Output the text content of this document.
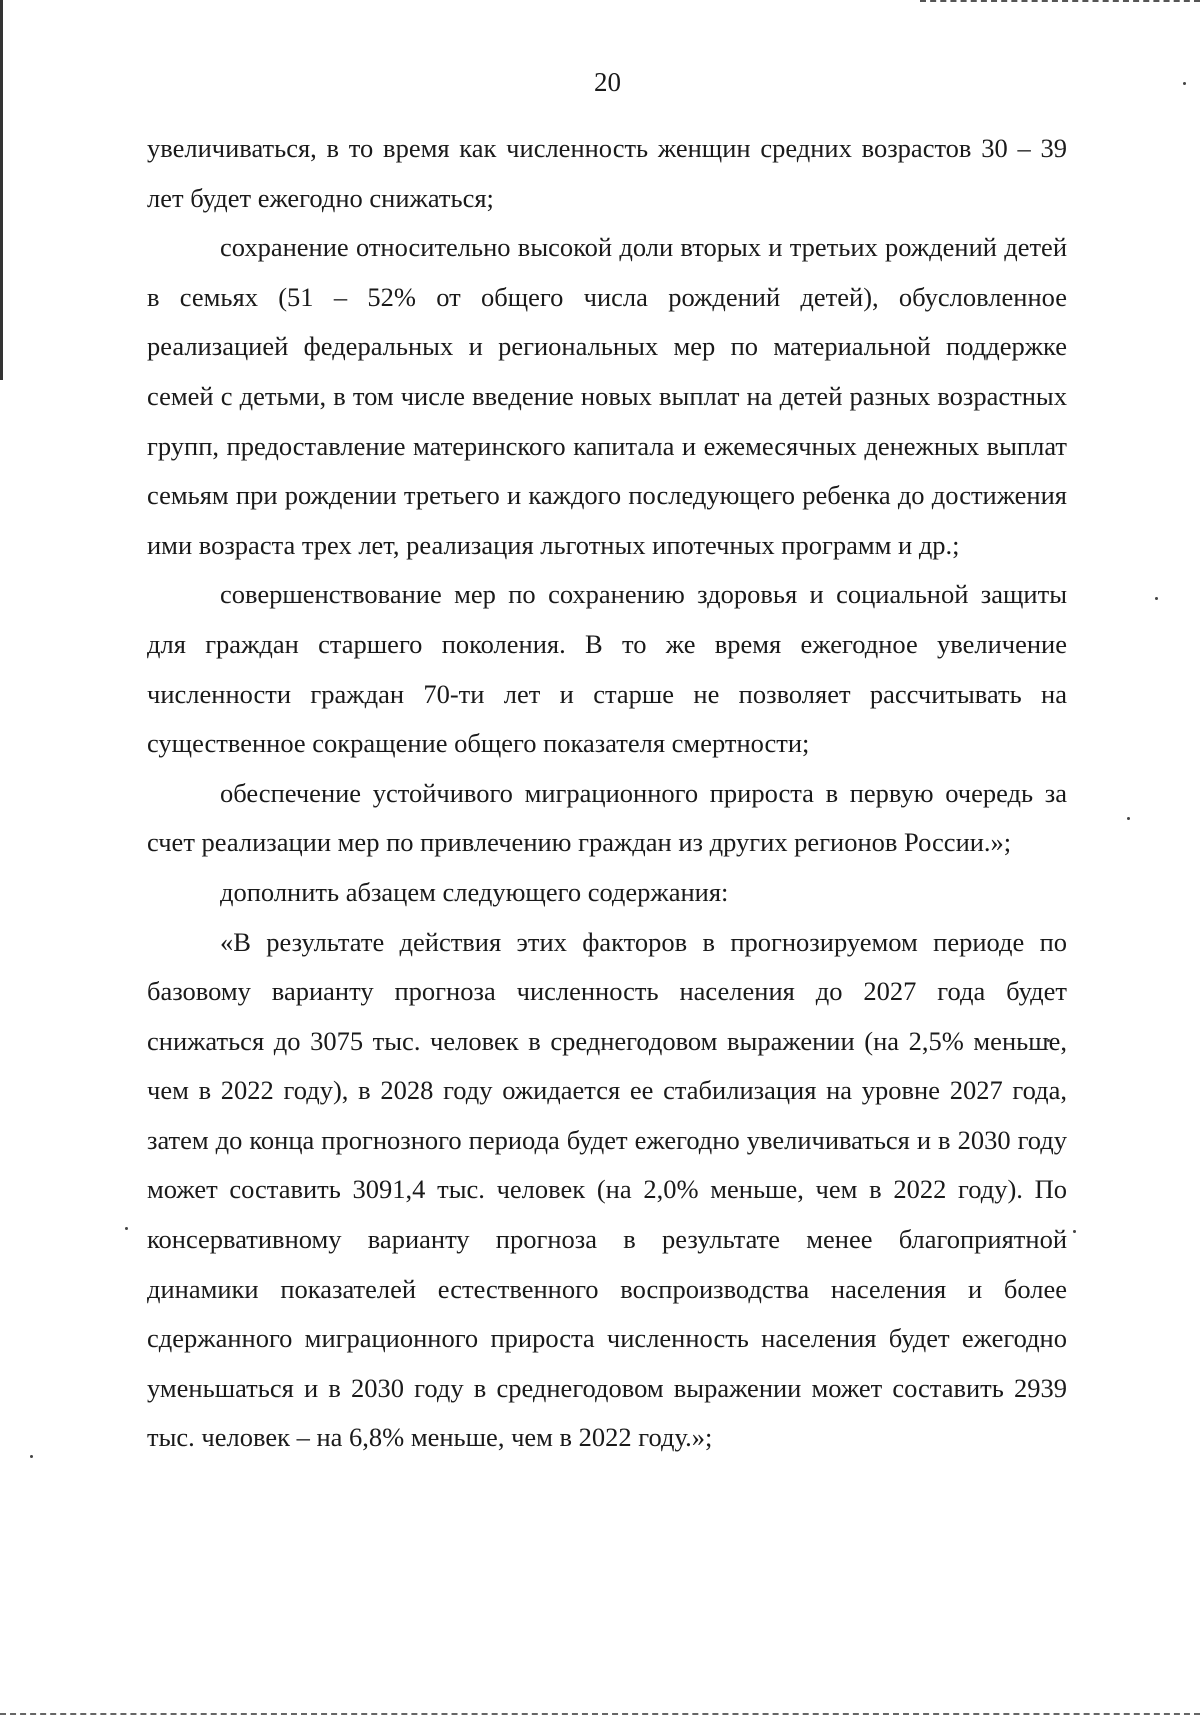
20

увеличиваться, в то время как численность женщин средних возрастов 30 – 39 лет будет ежегодно снижаться;

сохранение относительно высокой доли вторых и третьих рождений детей в семьях (51 – 52% от общего числа рождений детей), обусловленное реализацией федеральных и региональных мер по материальной поддержке семей с детьми, в том числе введение новых выплат на детей разных возрастных групп, предоставление материнского капитала и ежемесячных денежных выплат семьям при рождении третьего и каждого последующего ребенка до достижения ими возраста трех лет, реализация льготных ипотечных программ и др.;

совершенствование мер по сохранению здоровья и социальной защиты для граждан старшего поколения. В то же время ежегодное увеличение численности граждан 70-ти лет и старше не позволяет рассчитывать на существенное сокращение общего показателя смертности;

обеспечение устойчивого миграционного прироста в первую очередь за счет реализации мер по привлечению граждан из других регионов России.»;

дополнить абзацем следующего содержания:

«В результате действия этих факторов в прогнозируемом периоде по базовому варианту прогноза численность населения до 2027 года будет снижаться до 3075 тыс. человек в среднегодовом выражении (на 2,5% меньше, чем в 2022 году), в 2028 году ожидается ее стабилизация на уровне 2027 года, затем до конца прогнозного периода будет ежегодно увеличиваться и в 2030 году может составить 3091,4 тыс. человек (на 2,0% меньше, чем в 2022 году). По консервативному варианту прогноза в результате менее благоприятной динамики показателей естественного воспроизводства населения и более сдержанного миграционного прироста численность населения будет ежегодно уменьшаться и в 2030 году в среднегодовом выражении может составить 2939 тыс. человек – на 6,8% меньше, чем в 2022 году.»;
